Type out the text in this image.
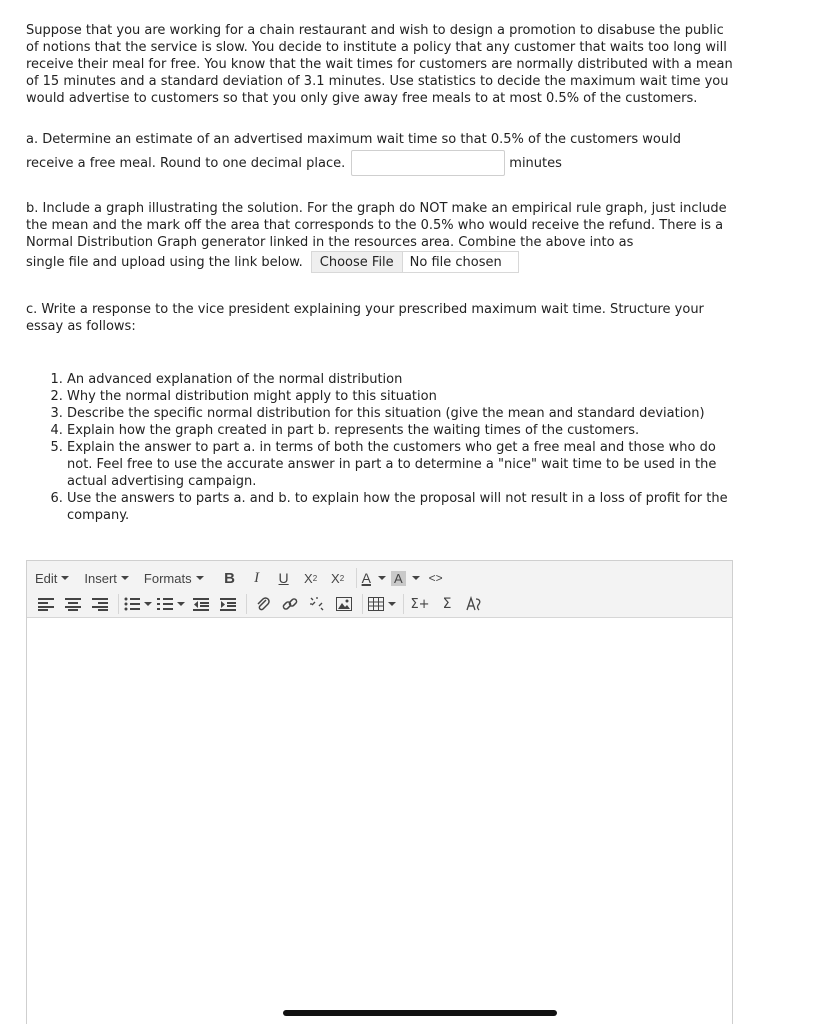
Suppose that you are working for a chain restaurant and wish to design a promotion to disabuse the public of notions that the service is slow. You decide to institute a policy that any customer that waits too long will receive their meal for free. You know that the wait times for customers are normally distributed with a mean of 15 minutes and a standard deviation of 3.1 minutes. Use statistics to decide the maximum wait time you would advertise to customers so that you only give away free meals to at most 0.5% of the customers.

a. Determine an estimate of an advertised maximum wait time so that 0.5% of the customers would
receive a free meal. Round to one decimal place.	minutes
b. Include a graph illustrating the solution. For the graph do NOT make an empirical rule graph, just include the mean and the mark off the area that corresponds to the 0.5% who would receive the refund. There is a Normal Distribution Graph generator linked in the resources area. Combine the above into as
single file and upload using the link below.	Choose File	No file chosen
c. Write a response to the vice president explaining your prescribed maximum wait time. Structure your essay as follows:
1. An advanced explanation of the normal distribution
2. Why the normal distribution might apply to this situation
3. Describe the specific normal distribution for this situation (give the mean and standard deviation)
4. Explain how the graph created in part b. represents the waiting times of the customers.
5. Explain the answer to part a. in terms of both the customers who get a free meal and those who do not. Feel free to use the accurate answer in part a to determine a "nice" wait time to be used in the actual advertising campaign.
6. Use the answers to parts a. and b. to explain how the proposal will not result in a loss of profit for the company.
Edit Insert Formats	B	I	U	X 2 X 2 A A	<>
Σ+ Σ
